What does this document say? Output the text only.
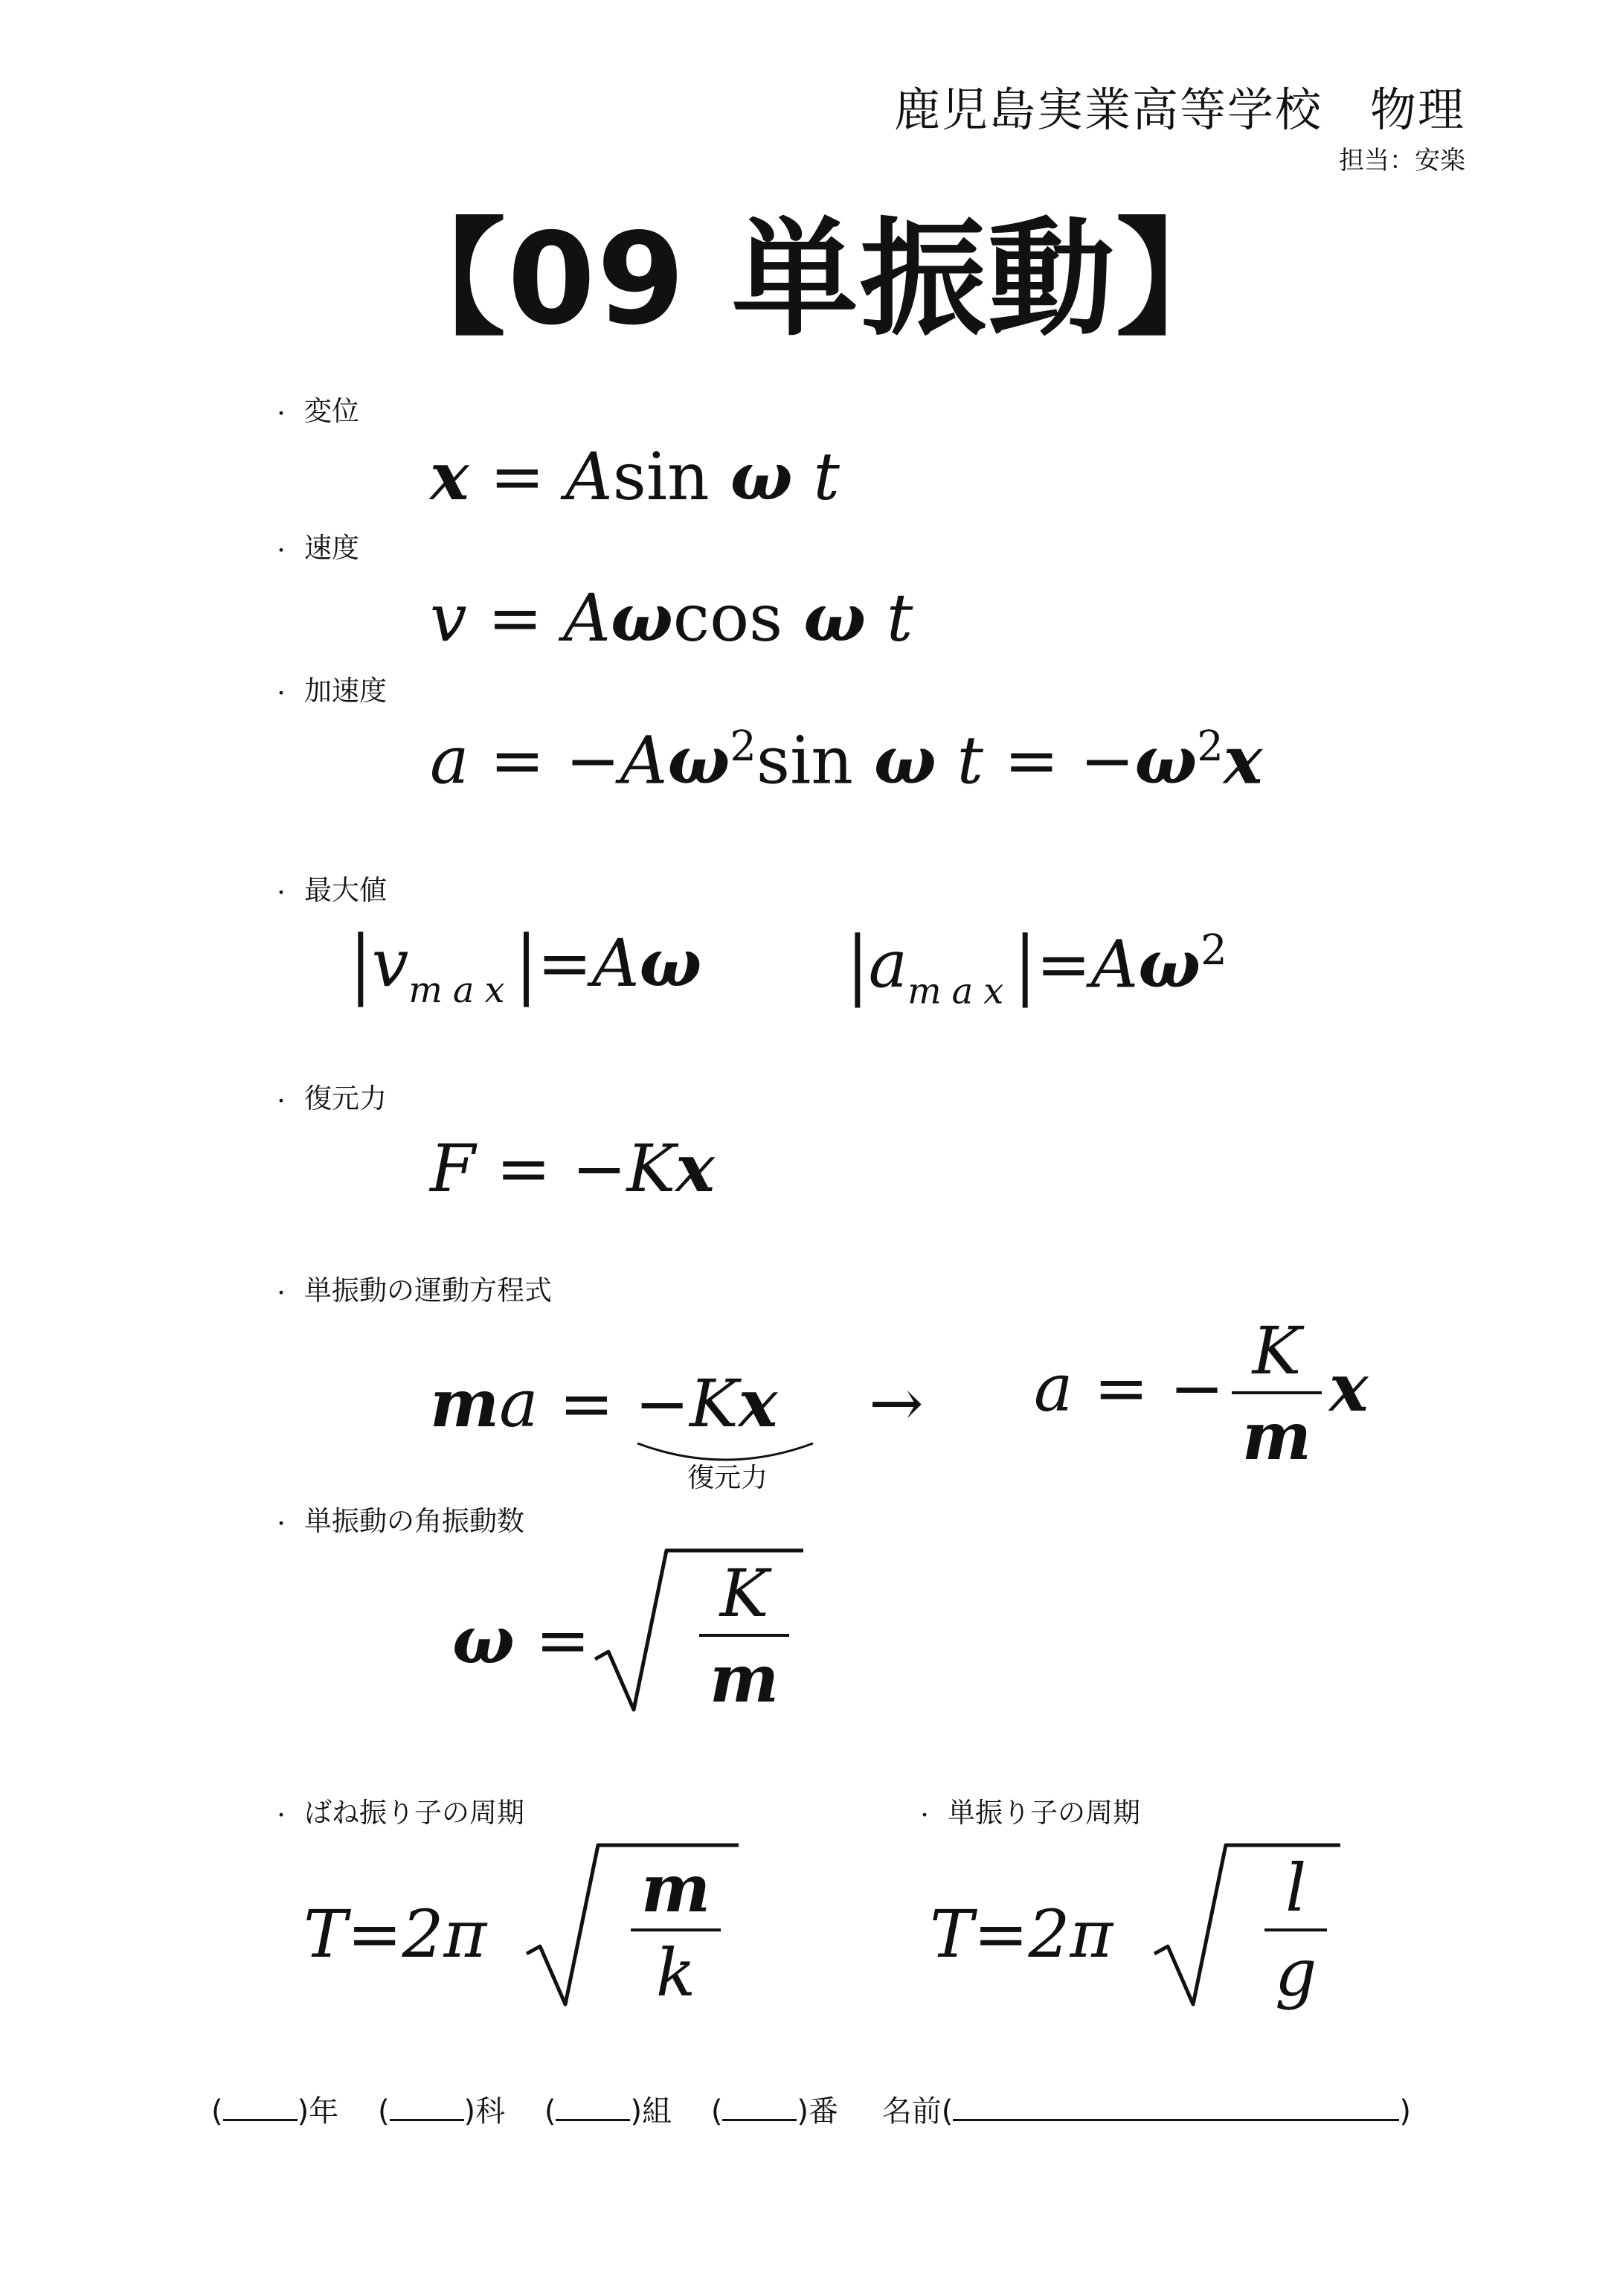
鹿児島実業高等学校　物理
担当：安楽
【09 単振動】
・ 変位
x = Asin ω t
・ 速度
v = Aωcos ω t
・ 加速度
$a = -A\omega^2\sin$ ω $t = -\omega^2x$
・ 最大値
$|v_{max}|=A\omega$ $|a_{max}|=A\omega^2$
・ 復元力
F = −Kx
・ 単振動の運動方程式
ma = −Kx
復元力
→ a = − $\frac{K}{m}$ x
・ 単振動の角振動数
$\omega = \frac{K}{m}$
・ ばね振り子の周期	・ 単振り子の周期
$T=2\pi \frac{m}{k}$	$T=2\pi \frac{l}{g}$
(	)年 (	)科 (	)組 (	)番 名前(	)
